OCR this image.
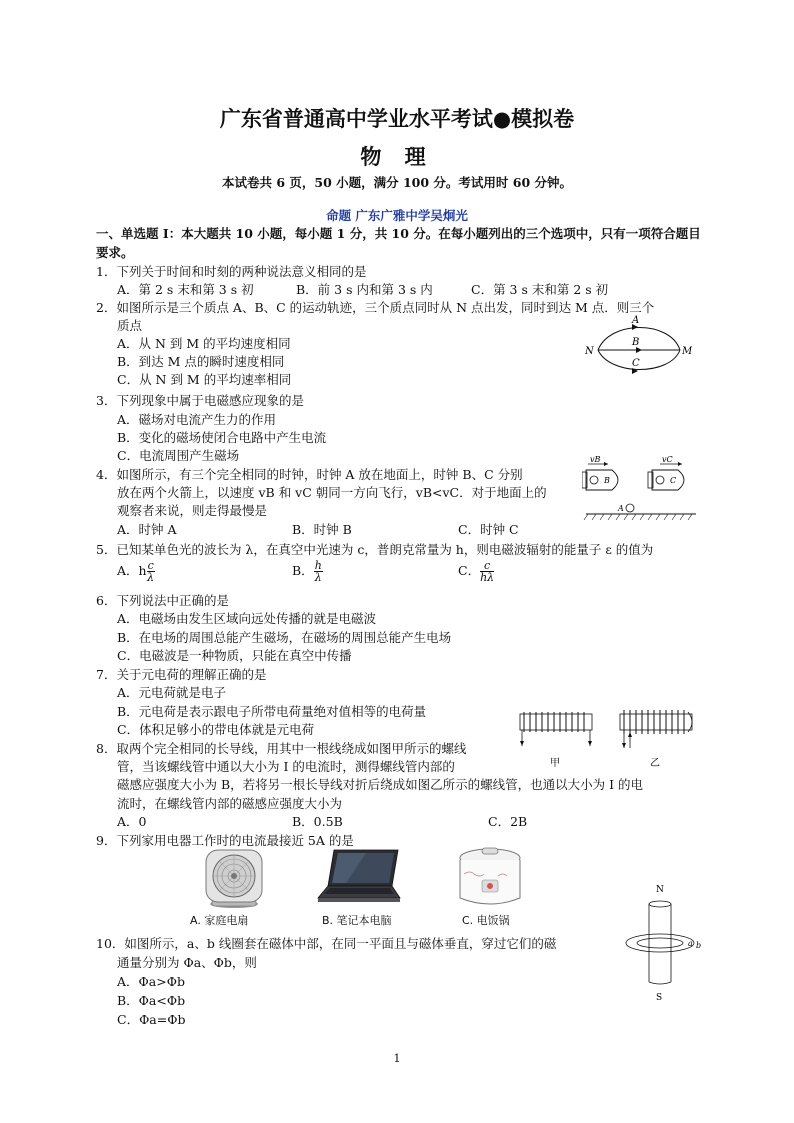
广东省普通高中学业水平考试●模拟卷
物 理
本试卷共 6 页，50 小题，满分 100 分。考试用时 60 分钟。
命题 广东广雅中学吴炯光
一、单选题 I：本大题共 10 小题，每小题 1 分，共 10 分。在每小题列出的三个选项中，只有一项符合题目要求。
1．下列关于时间和时刻的两种说法意义相同的是
A．第 2 s 末和第 3 s 初	B．前 3 s 内和第 3 s 内	C．第 3 s 末和第 2 s 初
2．如图所示是三个质点 A、B、C 的运动轨迹，三个质点同时从 N 点出发，同时到达 M 点．则三个
质点
A．从 N 到 M 的平均速度相同
B．到达 M 点的瞬时速度相同
C．从 N 到 M 的平均速率相同
A
B
C
N	M
3．下列现象中属于电磁感应现象的是
A．磁场对电流产生力的作用
B．变化的磁场使闭合电路中产生电流
C．电流周围产生磁场
4．如图所示，有三个完全相同的时钟，时钟 A 放在地面上，时钟 B、C 分别
放在两个火箭上，以速度 vB 和 vC 朝同一方向飞行，vB<vC．对于地面上的
观察者来说，则走得最慢是
A．时钟 A	B．时钟 B	C．时钟 C
vB
B
vC
C
A
5．已知某单色光的波长为 λ，在真空中光速为 c，普朗克常量为 h，则电磁波辐射的能量子 ε 的值为
A．h $\frac{c}{\lambda}$	B． $\frac{h}{\lambda}$	C． $\frac{c}{h\lambda}$
6．下列说法中正确的是
A．电磁场由发生区域向远处传播的就是电磁波
B．在电场的周围总能产生磁场，在磁场的周围总能产生电场
C．电磁波是一种物质，只能在真空中传播
7．关于元电荷的理解正确的是
A．元电荷就是电子
B．元电荷是表示跟电子所带电荷量绝对值相等的电荷量
C．体积足够小的带电体就是元电荷
8．取两个完全相同的长导线，用其中一根线绕成如图甲所示的螺线
管，当该螺线管中通以大小为 I 的电流时，测得螺线管内部的
磁感应强度大小为 B，若将另一根长导线对折后绕成如图乙所示的螺线管，也通以大小为 I 的电
流时，在螺线管内部的磁感应强度大小为
A．0	B．0.5B	C．2B
甲	乙
9．下列家用电器工作时的电流最接近 5A 的是
A. 家庭电扇	B. 笔记本电脑	C. 电饭锅
10．如图所示，a、b 线圈套在磁体中部，在同一平面且与磁体垂直，穿过它们的磁
通量分别为 Φa、Φb，则
A．Φa>Φb
B．Φa<Φb
C．Φa=Φb
N
a b
S
1
